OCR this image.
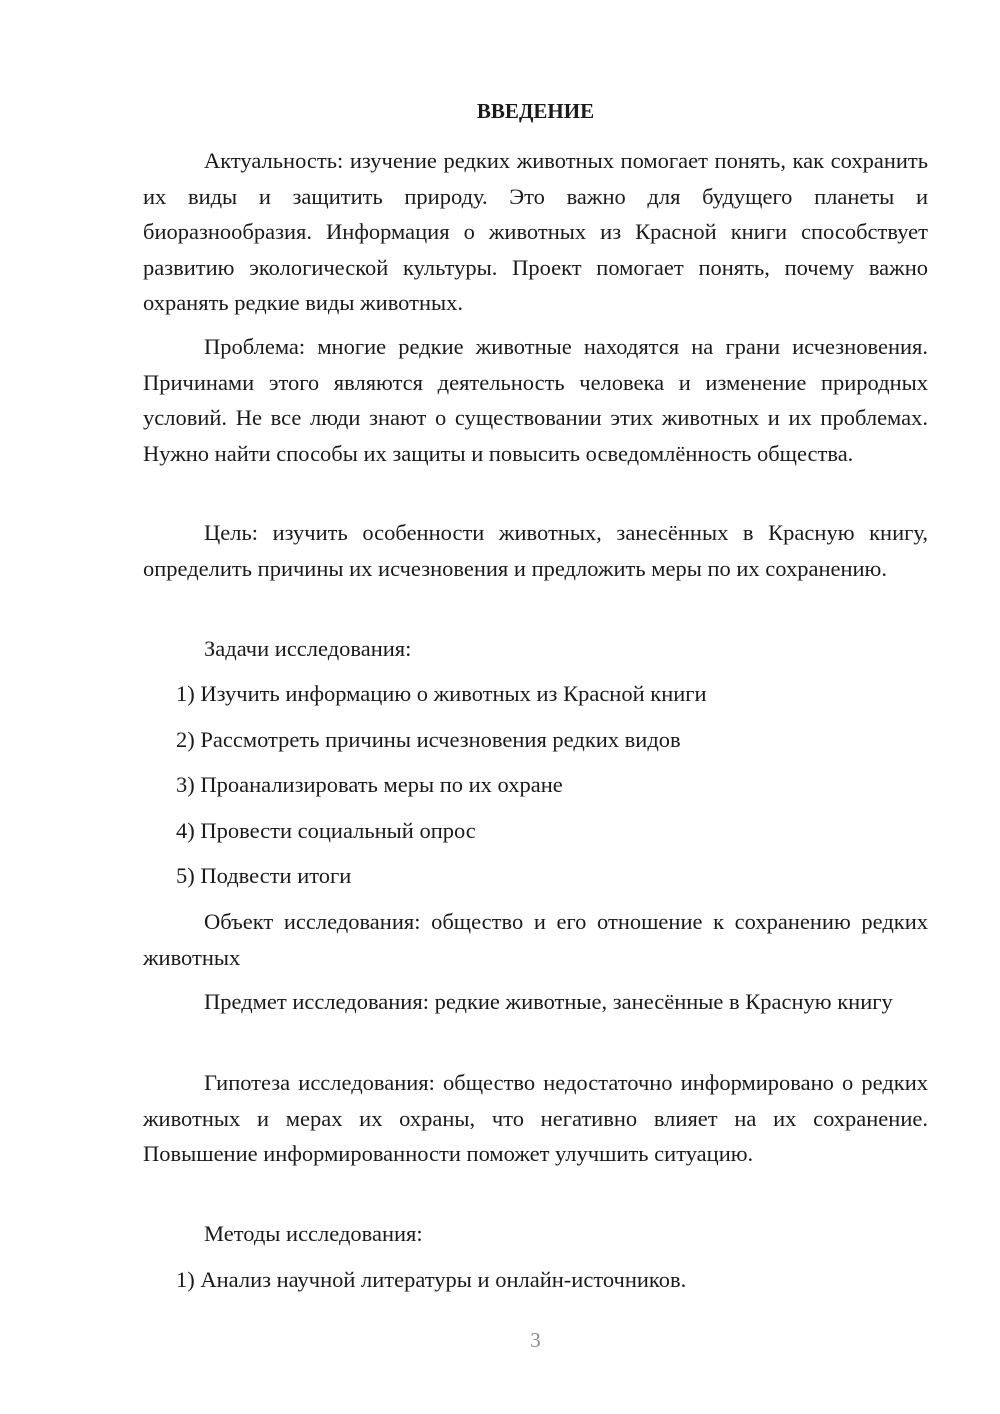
ВВЕДЕНИЕ

Актуальность: изучение редких животных помогает понять, как сохранить их виды и защитить природу. Это важно для будущего планеты и биоразнообразия. Информация о животных из Красной книги способствует развитию экологической культуры. Проект помогает понять, почему важно охранять редкие виды животных.

Проблема: многие редкие животные находятся на грани исчезновения. Причинами этого являются деятельность человека и изменение природных условий. Не все люди знают о существовании этих животных и их проблемах. Нужно найти способы их защиты и повысить осведомлённость общества.

Цель: изучить особенности животных, занесённых в Красную книгу, определить причины их исчезновения и предложить меры по их сохранению.

Задачи исследования:

1) Изучить информацию о животных из Красной книги

2) Рассмотреть причины исчезновения редких видов

3) Проанализировать меры по их охране

4) Провести социальный опрос

5) Подвести итоги

Объект исследования: общество и его отношение к сохранению редких животных

Предмет исследования: редкие животные, занесённые в Красную книгу

Гипотеза исследования: общество недостаточно информировано о редких животных и мерах их охраны, что негативно влияет на их сохранение. Повышение информированности поможет улучшить ситуацию.

Методы исследования:

1) Анализ научной литературы и онлайн-источников.

3
